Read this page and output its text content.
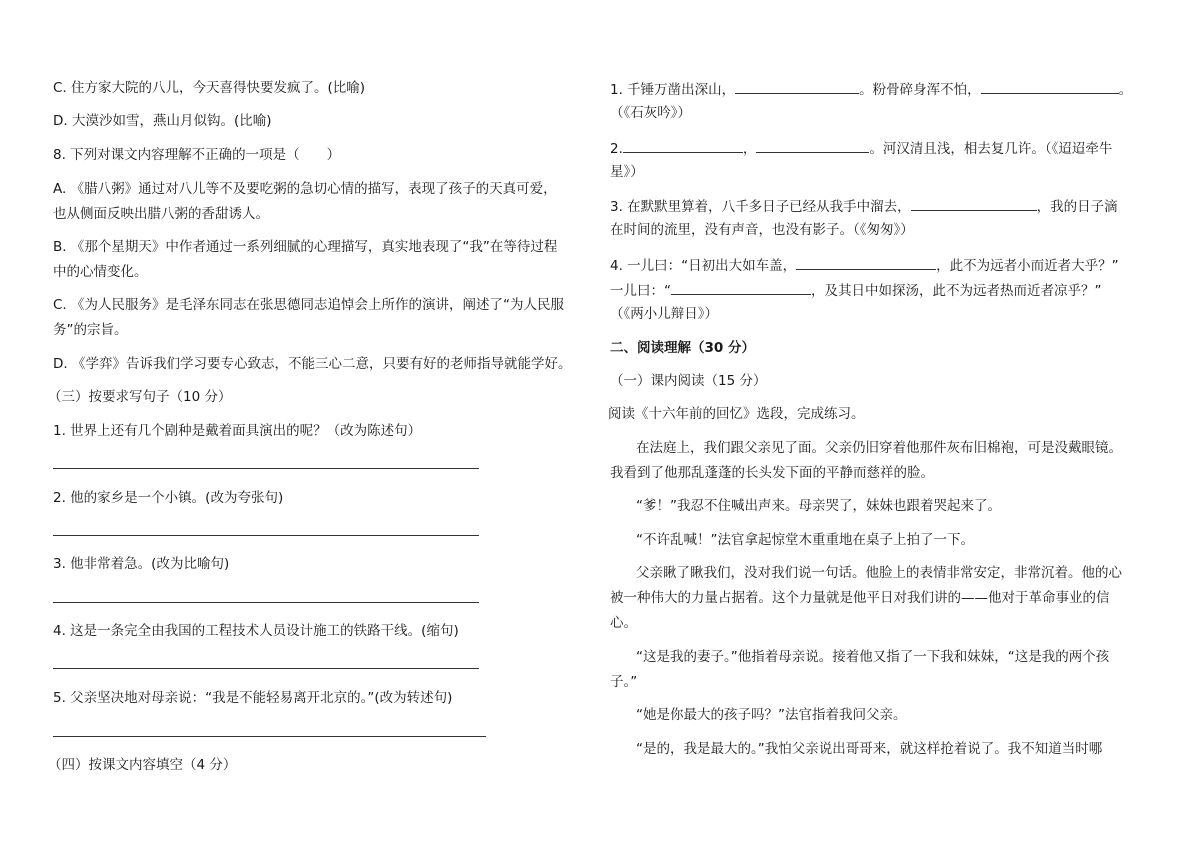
C. 住方家大院的八儿，今天喜得快要发疯了。(比喻)
D. 大漠沙如雪，燕山月似钩。(比喻)
8. 下列对课文内容理解不正确的一项是（　　）
A. 《腊八粥》通过对八儿等不及要吃粥的急切心情的描写，表现了孩子的天真可爱，
也从侧面反映出腊八粥的香甜诱人。
B. 《那个星期天》中作者通过一系列细腻的心理描写，真实地表现了“我”在等待过程
中的心情变化。
C. 《为人民服务》是毛泽东同志在张思德同志追悼会上所作的演讲，阐述了“为人民服
务”的宗旨。
D. 《学弈》告诉我们学习要专心致志，不能三心二意，只要有好的老师指导就能学好。
（三）按要求写句子（10 分）
1. 世界上还有几个剧种是戴着面具演出的呢？（改为陈述句）
2. 他的家乡是一个小镇。(改为夸张句)
3. 他非常着急。(改为比喻句)
4. 这是一条完全由我国的工程技术人员设计施工的铁路干线。(缩句)
5. 父亲坚决地对母亲说：“我是不能轻易离开北京的。”(改为转述句)
（四）按课文内容填空（4 分）
1. 千锤万凿出深山，	。粉骨碎身浑不怕，	。
（《石灰吟》）
2.	，	。河汉清且浅，相去复几许。（《迢迢牵牛
星》）
3. 在默默里算着，八千多日子已经从我手中溜去，	，我的日子滴
在时间的流里，没有声音，也没有影子。（《匆匆》）
4. 一儿曰：“日初出大如车盖，	，此不为远者小而近者大乎？”
一儿曰：“	，及其日中如探汤，此不为远者热而近者凉乎？”
（《两小儿辩日》）
二、阅读理解（30 分）
（一）课内阅读（15 分）
阅读《十六年前的回忆》选段，完成练习。
在法庭上，我们跟父亲见了面。父亲仍旧穿着他那件灰布旧棉袍，可是没戴眼镜。
我看到了他那乱蓬蓬的长头发下面的平静而慈祥的脸。
“爹！”我忍不住喊出声来。母亲哭了，妹妹也跟着哭起来了。
“不许乱喊！”法官拿起惊堂木重重地在桌子上拍了一下。
父亲瞅了瞅我们，没对我们说一句话。他脸上的表情非常安定，非常沉着。他的心
被一种伟大的力量占据着。这个力量就是他平日对我们讲的——他对于革命事业的信
心。
“这是我的妻子。”他指着母亲说。接着他又指了一下我和妹妹，“这是我的两个孩
子。”
“她是你最大的孩子吗？”法官指着我问父亲。
“是的，我是最大的。”我怕父亲说出哥哥来，就这样抢着说了。我不知道当时哪
